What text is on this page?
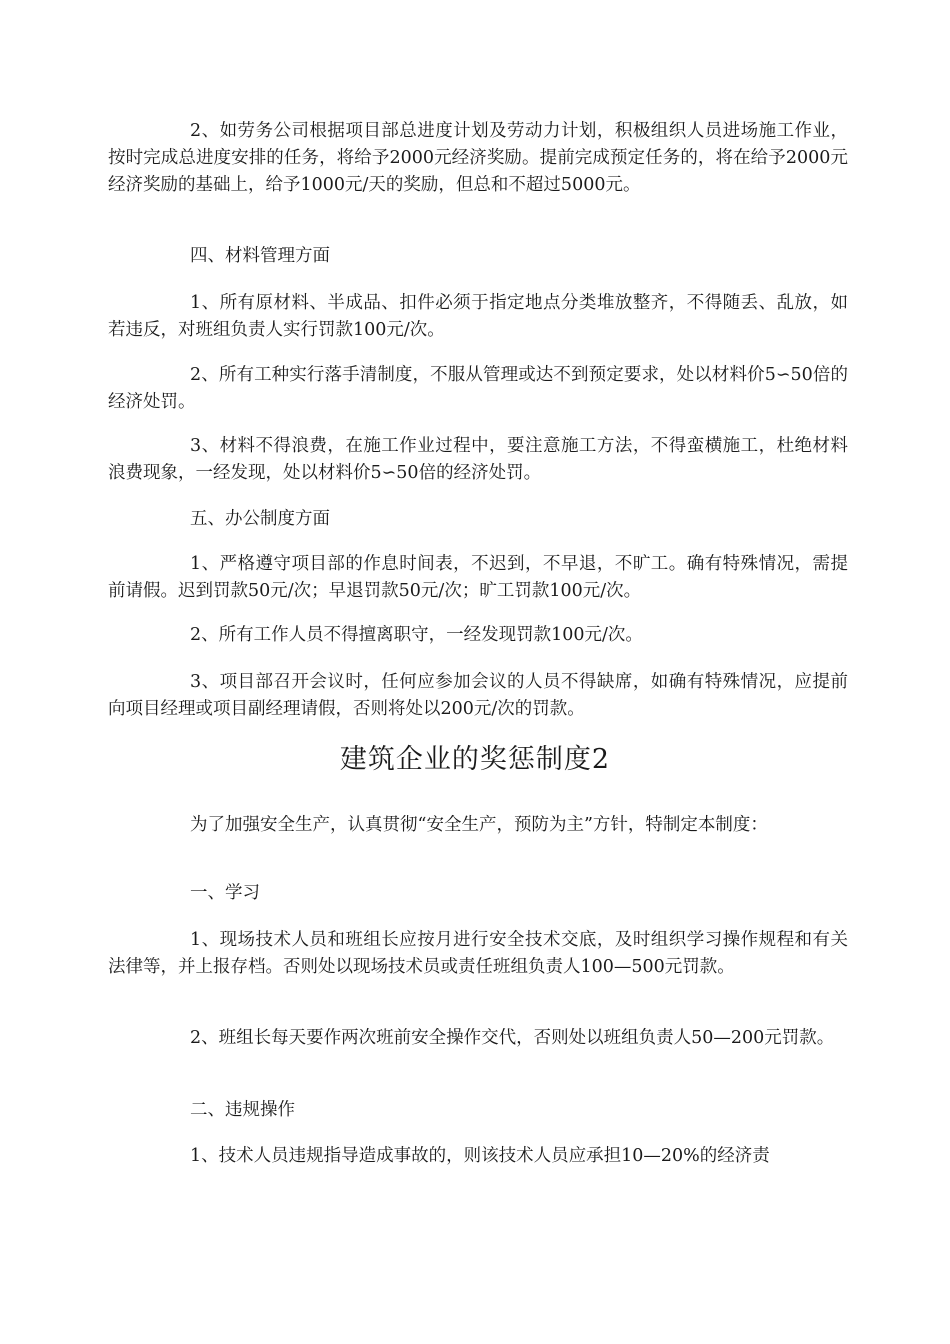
2、如劳务公司根据项目部总进度计划及劳动力计划，积极组织人员进场施工作业，按时完成总进度安排的任务，将给予2000元经济奖励。提前完成预定任务的，将在给予2000元经济奖励的基础上，给予1000元/天的奖励，但总和不超过5000元。

四、材料管理方面

1、所有原材料、半成品、扣件必须于指定地点分类堆放整齐，不得随丢、乱放，如若违反，对班组负责人实行罚款100元/次。

2、所有工种实行落手清制度，不服从管理或达不到预定要求，处以材料价5∽50倍的经济处罚。

3、材料不得浪费，在施工作业过程中，要注意施工方法，不得蛮横施工，杜绝材料浪费现象，一经发现，处以材料价5∽50倍的经济处罚。

五、办公制度方面

1、严格遵守项目部的作息时间表，不迟到，不早退，不旷工。确有特殊情况，需提前请假。迟到罚款50元/次；早退罚款50元/次；旷工罚款100元/次。

2、所有工作人员不得擅离职守，一经发现罚款100元/次。

3、项目部召开会议时，任何应参加会议的人员不得缺席，如确有特殊情况，应提前向项目经理或项目副经理请假，否则将处以200元/次的罚款。

建筑企业的奖惩制度2

为了加强安全生产，认真贯彻“安全生产，预防为主”方针，特制定本制度：

一、学习

1、现场技术人员和班组长应按月进行安全技术交底，及时组织学习操作规程和有关法律等，并上报存档。否则处以现场技术员或责任班组负责人100—500元罚款。

2、班组长每天要作两次班前安全操作交代，否则处以班组负责人50—200元罚款。

二、违规操作

1、技术人员违规指导造成事故的，则该技术人员应承担10—20%的经济责
